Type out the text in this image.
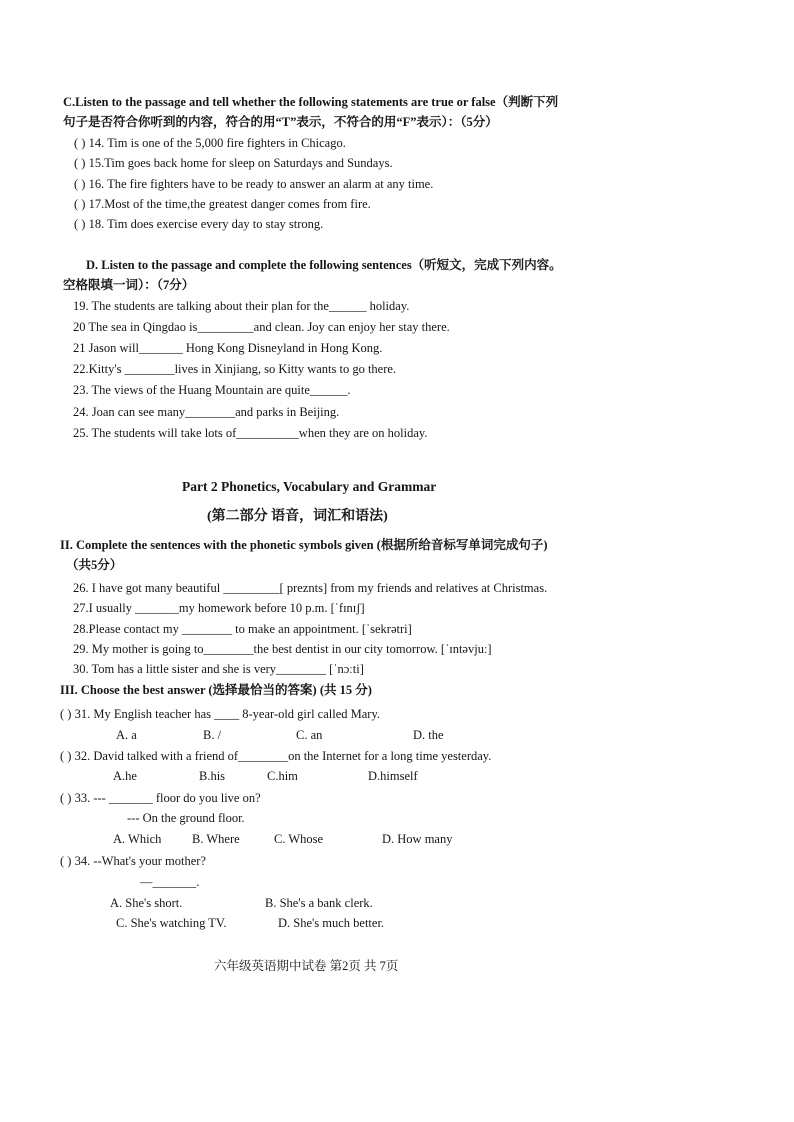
C.Listen to the passage and tell whether the following statements are true or false（判断下列
句子是否符合你听到的内容，符合的用“T”表示，不符合的用“F”表示）：（5分）
( ) 14. Tim is one of the 5,000 fire fighters in Chicago.
( ) 15.Tim goes back home for sleep on Saturdays and Sundays.
( ) 16. The fire fighters have to be ready to answer an alarm at any time.
( ) 17.Most of the time,the greatest danger comes from fire.
( ) 18. Tim does exercise every day to stay strong.
D. Listen to the passage and complete the following sentences（听短文，完成下列内容。
空格限填一词）：（7分）
19. The students are talking about their plan for the______ holiday.
20 The sea in Qingdao is_________and clean. Joy can enjoy her stay there.
21 Jason will_______ Hong Kong Disneyland in Hong Kong.
22.Kitty's ________lives in Xinjiang, so Kitty wants to go there.
23. The views of the Huang Mountain are quite______.
24. Joan can see many________and parks in Beijing.
25. The students will take lots of__________when they are on holiday.
Part 2 Phonetics, Vocabulary and Grammar
(第二部分 语音，词汇和语法)
II. Complete the sentences with the phonetic symbols given (根据所给音标写单词完成句子)
（共5分）
26. I have got many beautiful _________[ preznts] from my friends and relatives at Christmas.
27.I usually _______my homework before 10 p.m. [ˈfɪnɪʃ]
28.Please contact my ________ to make an appointment. [ˈsekrətri]
29. My mother is going to________the best dentist in our city tomorrow. [ˈɪntəvjuː]
30. Tom has a little sister and she is very________ [ˈnɔːti]
III. Choose the best answer (选择最恰当的答案) (共 15 分)
( ) 31. My English teacher has ____ 8-year-old girl called Mary.
A. a	B. /	C. an	D. the
( ) 32. David talked with a friend of________on the Internet for a long time yesterday.
A.he	B.his	C.him	D.himself
( ) 33. --- _______ floor do you live on?
--- On the ground floor.
A. Which B. Where	C. Whose	D. How many
( ) 34. --What's your mother?
—_______.
A. She's short.	B. She's a bank clerk.
C. She's watching TV.	D. She's much better.
六年级英语期中试卷 第2页 共 7页
